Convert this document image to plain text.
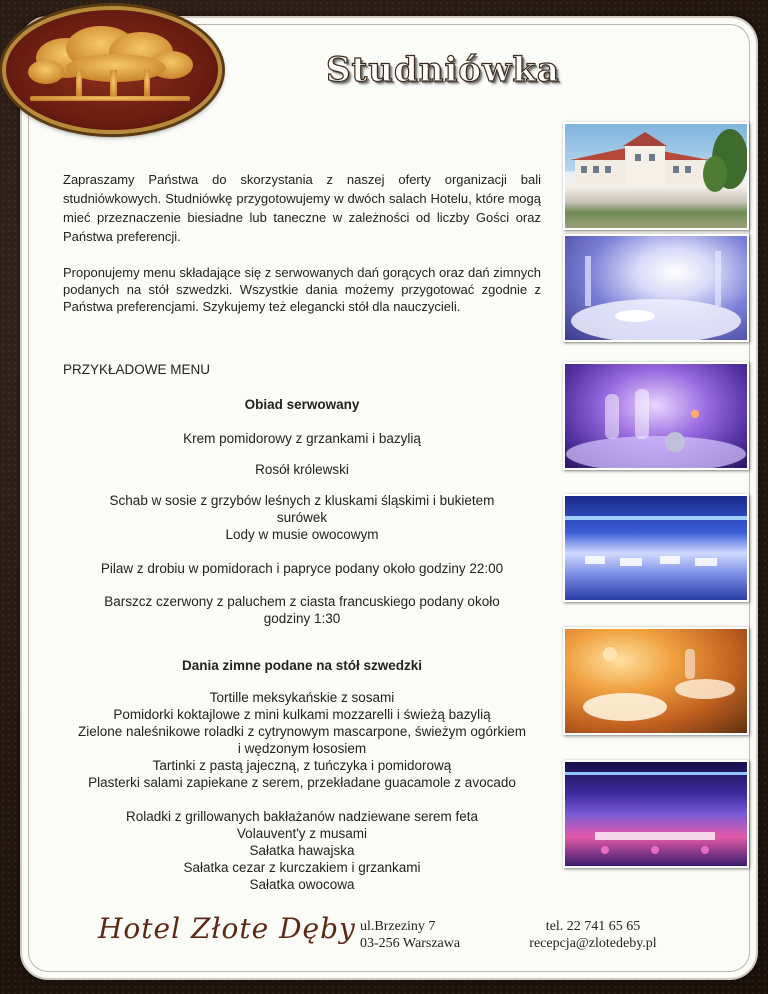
Studniówka

Zapraszamy Państwa do skorzystania z naszej oferty organizacji bali studniówkowych. Studniówkę przygotowujemy w dwóch salach Hotelu, które mogą mieć przeznaczenie biesiadne lub taneczne w zależności od liczby Gości oraz Państwa preferencji.

Proponujemy menu składające się z serwowanych dań gorących oraz dań zimnych podanych na stół szwedzki. Wszystkie dania możemy przygotować zgodnie z Państwa preferencjami. Szykujemy też elegancki stół dla nauczycieli.

PRZYKŁADOWE MENU
Obiad serwowany
Krem pomidorowy z grzankami i bazylią
Rosół królewski
Schab w sosie z grzybów leśnych z kluskami śląskimi i bukietem surówek
Lody w musie owocowym
Pilaw z drobiu w pomidorach i papryce podany około godziny 22:00
Barszcz czerwony z paluchem z ciasta francuskiego podany około godziny 1:30
Dania zimne podane na stół szwedzki
Tortille meksykańskie z sosami
Pomidorki koktajlowe z mini kulkami mozzarelli i świeżą bazylią
Zielone naleśnikowe roladki z cytrynowym mascarpone, świeżym ogórkiem i wędzonym łososiem
Tartinki z pastą jajeczną, z tuńczyka i pomidorową
Plasterki salami zapiekane z serem, przekładane guacamole z avocado
Roladki z grillowanych bakłażanów nadziewane serem feta
Volauvent'y z musami
Sałatka hawajska
Sałatka cezar z kurczakiem i grzankami
Sałatka owocowa
Hotel Złote Dęby ul.Brzeziny 7
03-256 Warszawa
tel. 22 741 65 65
recepcja@zlotedeby.pl
